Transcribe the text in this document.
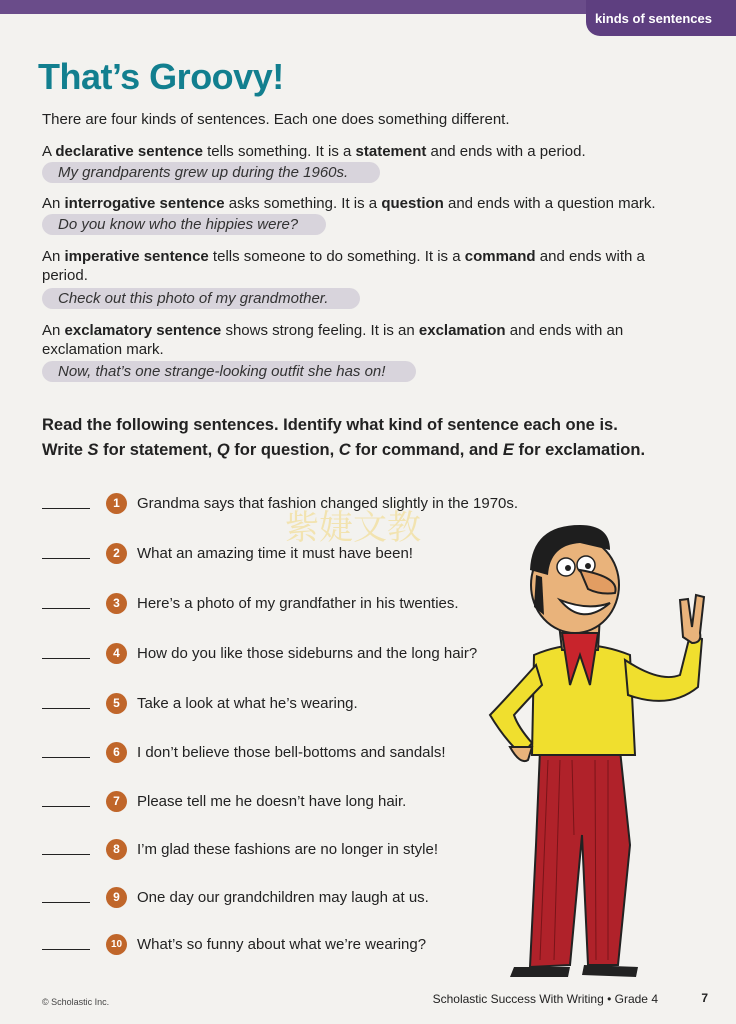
kinds of sentences
That’s Groovy!
There are four kinds of sentences. Each one does something different.
A declarative sentence tells something. It is a statement and ends with a period.
My grandparents grew up during the 1960s.
An interrogative sentence asks something. It is a question and ends with a question mark.
Do you know who the hippies were?
An imperative sentence tells someone to do something. It is a command and ends with a period.
Check out this photo of my grandmother.
An exclamatory sentence shows strong feeling. It is an exclamation and ends with an exclamation mark.
Now, that’s one strange-looking outfit she has on!
Read the following sentences. Identify what kind of sentence each one is.
Write S for statement, Q for question, C for command, and E for exclamation.
1	Grandma says that fashion changed slightly in the 1970s.
2	What an amazing time it must have been!
3	Here’s a photo of my grandfather in his twenties.
4	How do you like those sideburns and the long hair?
5	Take a look at what he’s wearing.
6	I don’t believe those bell-bottoms and sandals!
7	Please tell me he doesn’t have long hair.
8	I’m glad these fashions are no longer in style!
9	One day our grandchildren may laugh at us.
10 What’s so funny about what we’re wearing?
紫婕文教
© Scholastic Inc.	Scholastic Success With Writing • Grade 4	7
